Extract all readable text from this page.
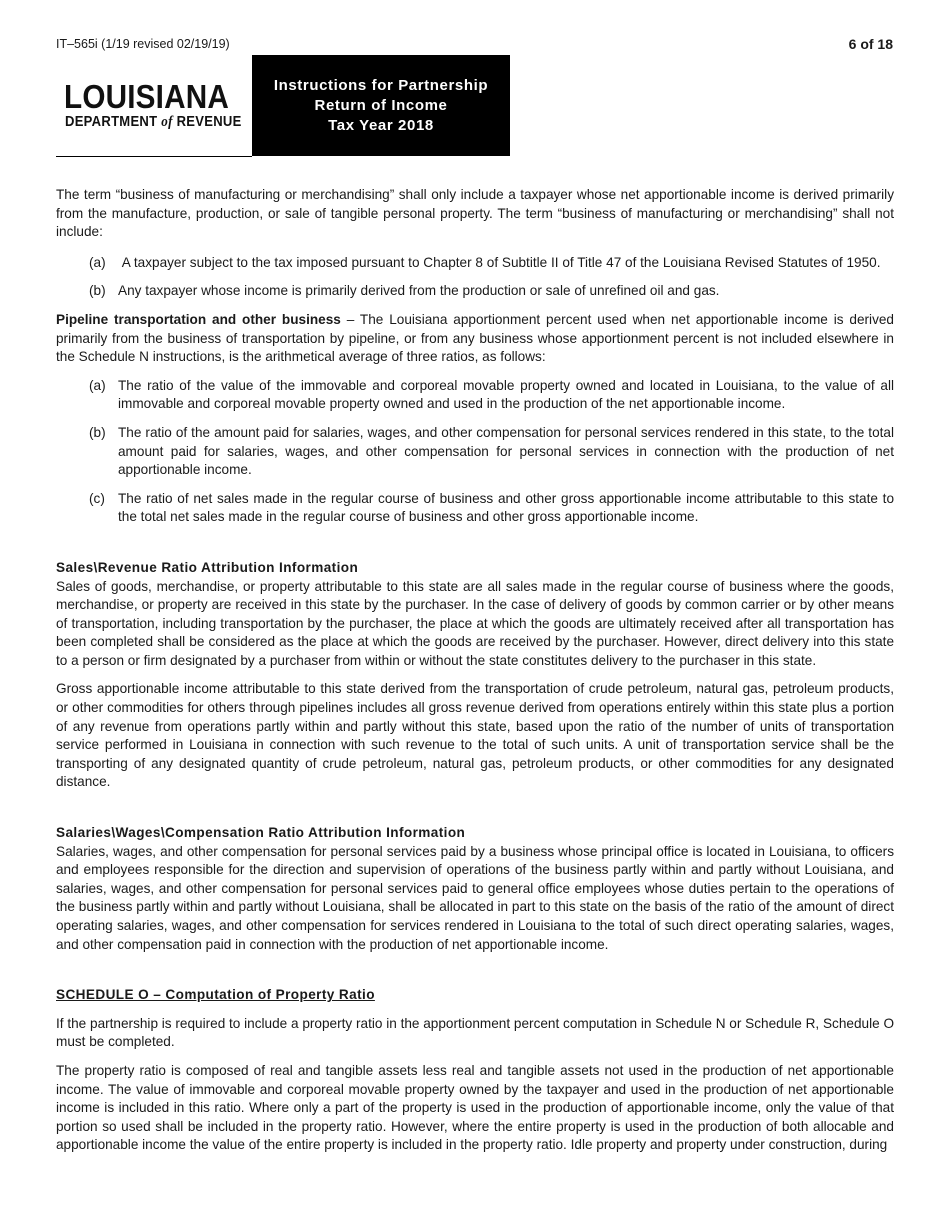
IT–565i (1/19 revised 02/19/19)	6 of 18
LOUISIANA
DEPARTMENT of REVENUE
Instructions for Partnership
Return of Income
Tax Year 2018

The term “business of manufacturing or merchandising” shall only include a taxpayer whose net apportionable income is derived primarily from the manufacture, production, or sale of tangible personal property. The term “business of manufacturing or merchandising” shall not include:

(a) A taxpayer subject to the tax imposed pursuant to Chapter 8 of Subtitle II of Title 47 of the Louisiana Revised Statutes of 1950.
(b) Any taxpayer whose income is primarily derived from the production or sale of unrefined oil and gas.

Pipeline transportation and other business – The Louisiana apportionment percent used when net apportionable income is derived primarily from the business of transportation by pipeline, or from any business whose apportionment percent is not included elsewhere in the Schedule N instructions, is the arithmetical average of three ratios, as follows:

(a) The ratio of the value of the immovable and corporeal movable property owned and located in Louisiana, to the value of all immovable and corporeal movable property owned and used in the production of the net apportionable income.
(b) The ratio of the amount paid for salaries, wages, and other compensation for personal services rendered in this state, to the total amount paid for salaries, wages, and other compensation for personal services in connection with the production of net apportionable income.
(c) The ratio of net sales made in the regular course of business and other gross apportionable income attributable to this state to the total net sales made in the regular course of business and other gross apportionable income.

Sales\Revenue Ratio Attribution Information

Sales of goods, merchandise, or property attributable to this state are all sales made in the regular course of business where the goods, merchandise, or property are received in this state by the purchaser. In the case of delivery of goods by common carrier or by other means of transportation, including transportation by the purchaser, the place at which the goods are ultimately received after all transportation has been completed shall be considered as the place at which the goods are received by the purchaser. However, direct delivery into this state to a person or firm designated by a purchaser from within or without the state constitutes delivery to the purchaser in this state.

Gross apportionable income attributable to this state derived from the transportation of crude petroleum, natural gas, petroleum products, or other commodities for others through pipelines includes all gross revenue derived from operations entirely within this state plus a portion of any revenue from operations partly within and partly without this state, based upon the ratio of the number of units of transportation service performed in Louisiana in connection with such revenue to the total of such units. A unit of transportation service shall be the transporting of any designated quantity of crude petroleum, natural gas, petroleum products, or other commodities for any designated distance.

Salaries\Wages\Compensation Ratio Attribution Information

Salaries, wages, and other compensation for personal services paid by a business whose principal office is located in Louisiana, to officers and employees responsible for the direction and supervision of operations of the business partly within and partly without Louisiana, and salaries, wages, and other compensation for personal services paid to general office employees whose duties pertain to the operations of the business partly within and partly without Louisiana, shall be allocated in part to this state on the basis of the ratio of the amount of direct operating salaries, wages, and other compensation for services rendered in Louisiana to the total of such direct operating salaries, wages, and other compensation paid in connection with the production of net apportionable income.

SCHEDULE O – Computation of Property Ratio

If the partnership is required to include a property ratio in the apportionment percent computation in Schedule N or Schedule R, Schedule O must be completed.

The property ratio is composed of real and tangible assets less real and tangible assets not used in the production of net apportionable income. The value of immovable and corporeal movable property owned by the taxpayer and used in the production of net apportionable income is included in this ratio. Where only a part of the property is used in the production of apportionable income, only the value of that portion so used shall be included in the property ratio. However, where the entire property is used in the production of both allocable and apportionable income the value of the entire property is included in the property ratio. Idle property and property under construction, during
